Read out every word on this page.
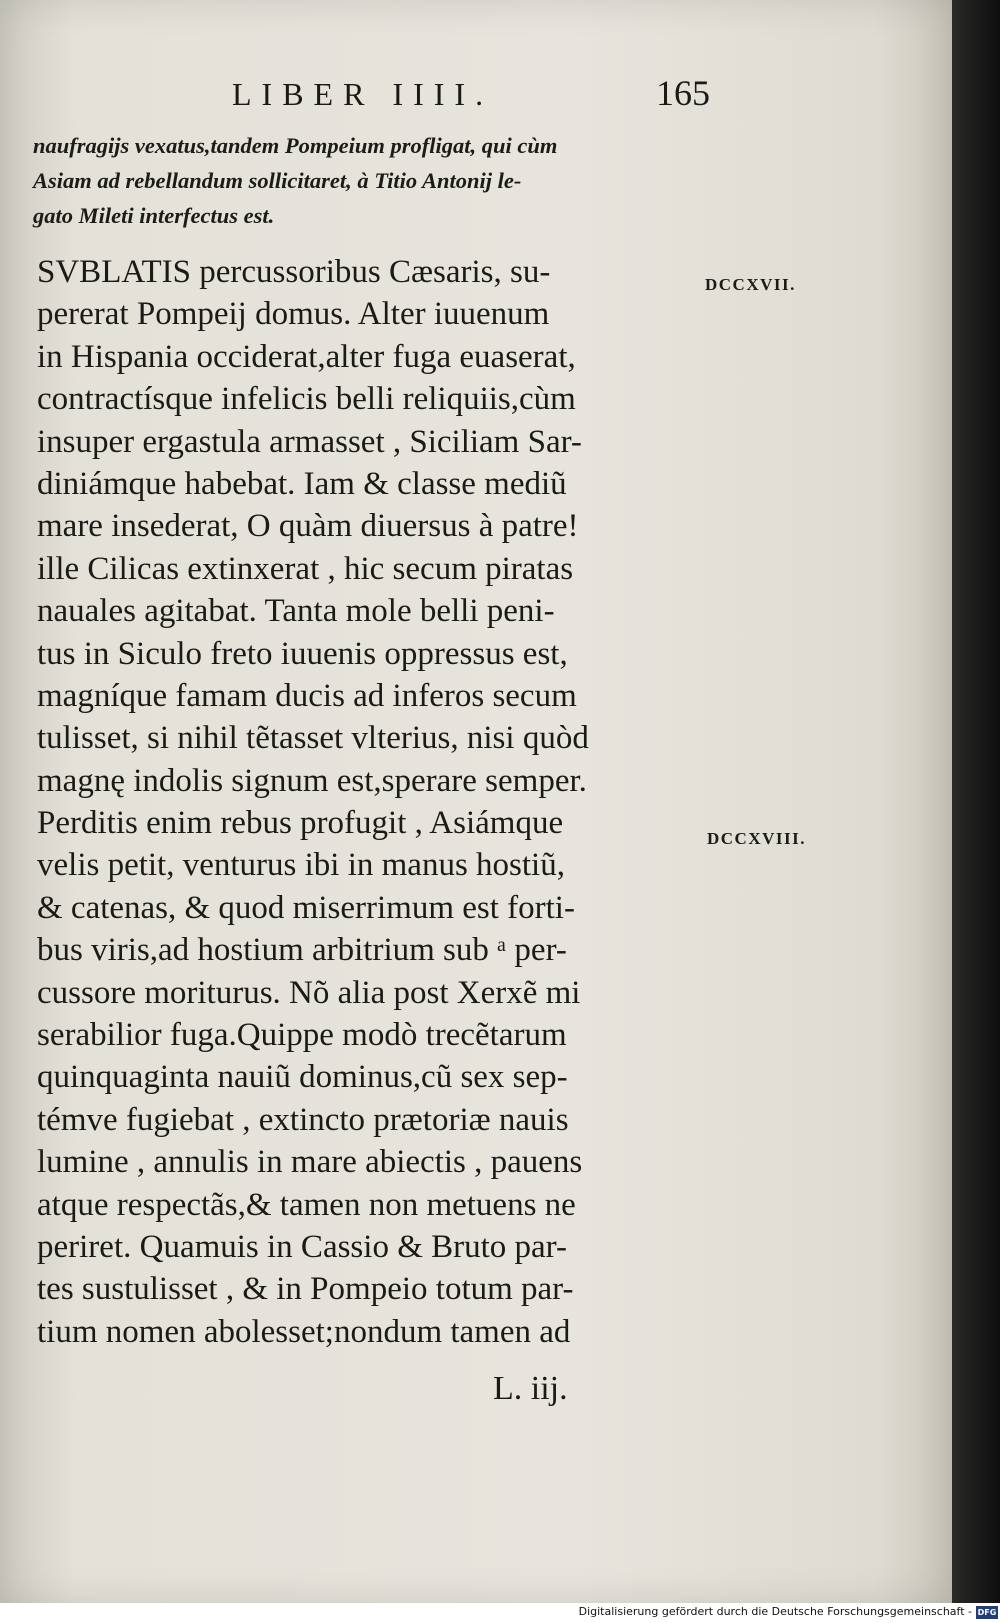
LIBER IIII.	165
naufragijs vexatus,tandem Pompeium profligat, qui cùm
Asiam ad rebellandum sollicitaret, à Titio Antonij le-
gato Mileti interfectus est.
SVBLATIS percussoribus Cæsaris, su-
pererat Pompeij domus. Alter iuuenum
in Hispania occiderat,alter fuga euaserat,
contractísque infelicis belli reliquiis,cùm
insuper ergastula armasset , Siciliam Sar-
diniámque habebat. Iam & classe mediũ
mare insederat, O quàm diuersus à patre!
ille Cilicas extinxerat , hic secum piratas
nauales agitabat. Tanta mole belli peni-
tus in Siculo freto iuuenis oppressus est,
magníque famam ducis ad inferos secum
tulisset, si nihil tẽtasset vlterius, nisi quòd
magnę indolis signum est,sperare semper.
Perditis enim rebus profugit , Asiámque
velis petit, venturus ibi in manus hostiũ,
& catenas, & quod miserrimum est forti-
bus viris,ad hostium arbitrium sub ᵃ per-
cussore moriturus. Nõ alia post Xerxẽ mi
serabilior fuga.Quippe modò trecẽtarum
quinquaginta nauiũ dominus,cũ sex sep-
témve fugiebat , extincto prætoriæ nauis
lumine , annulis in mare abiectis , pauens
atque respectãs,& tamen non metuens ne
periret. Quamuis in Cassio & Bruto par-
tes sustulisset , & in Pompeio totum par-
tium nomen abolesset;nondum tamen ad
DCCXVII.
DCCXVIII.
L. iij.
Digitalisierung gefördert durch die Deutsche Forschungsgemeinschaft - DFG
